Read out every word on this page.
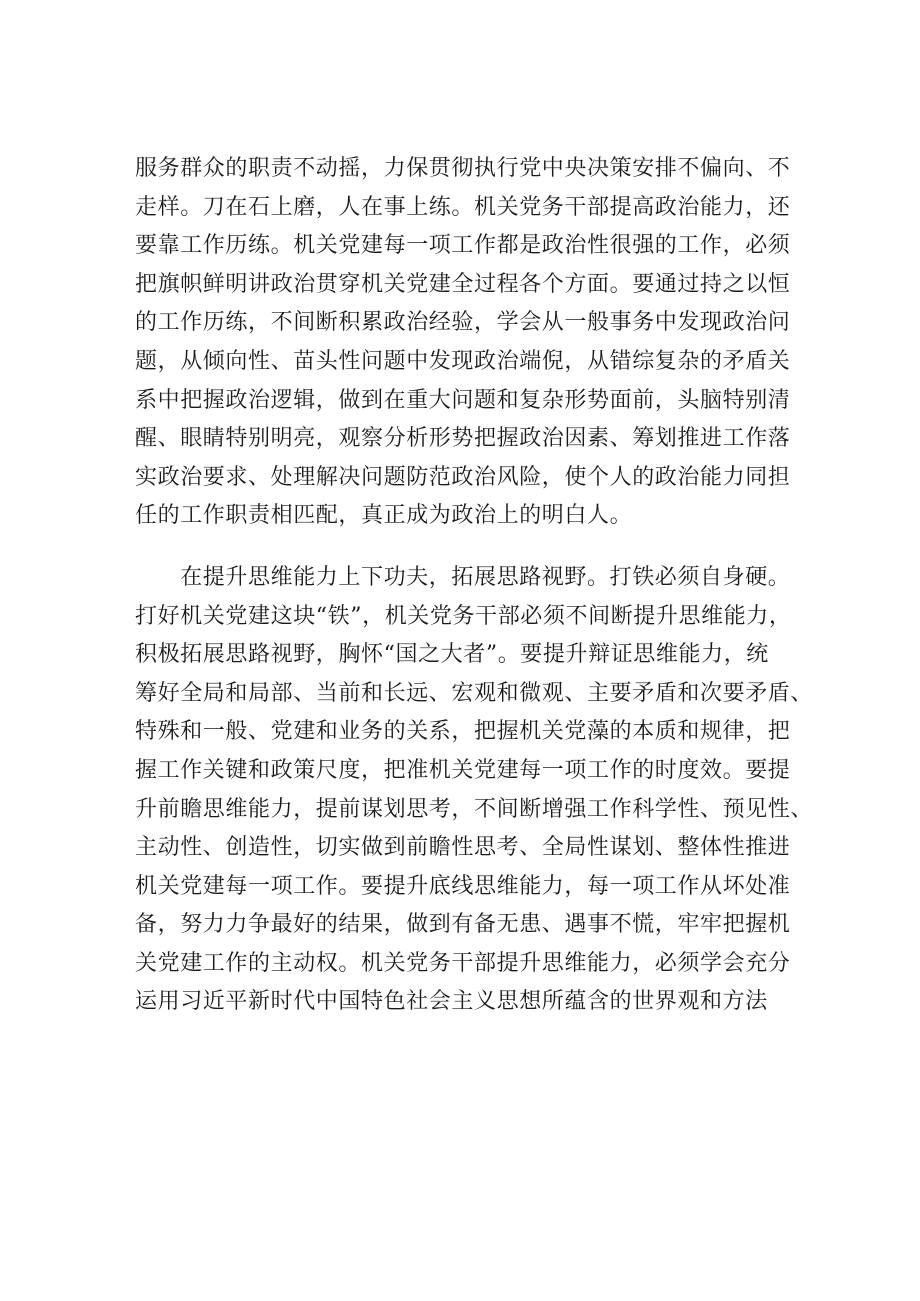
服务群众的职责不动摇，力保贯彻执行党中央决策安排不偏向、不
走样。刀在石上磨，人在事上练。机关党务干部提高政治能力，还
要靠工作历练。机关党建每一项工作都是政治性很强的工作，必须
把旗帜鲜明讲政治贯穿机关党建全过程各个方面。要通过持之以恒
的工作历练，不间断积累政治经验，学会从一般事务中发现政治问
题，从倾向性、苗头性问题中发现政治端倪，从错综复杂的矛盾关
系中把握政治逻辑，做到在重大问题和复杂形势面前，头脑特别清
醒、眼睛特别明亮，观察分析形势把握政治因素、筹划推进工作落
实政治要求、处理解决问题防范政治风险，使个人的政治能力同担
任的工作职责相匹配，真正成为政治上的明白人。

　　在提升思维能力上下功夫，拓展思路视野。打铁必须自身硬。
打好机关党建这块“铁”，机关党务干部必须不间断提升思维能力，
积极拓展思路视野，胸怀“国之大者”。要提升辩证思维能力，统
筹好全局和局部、当前和长远、宏观和微观、主要矛盾和次要矛盾、
特殊和一般、党建和业务的关系，把握机关党藻的本质和规律，把
握工作关键和政策尺度，把准机关党建每一项工作的时度效。要提
升前瞻思维能力，提前谋划思考，不间断增强工作科学性、预见性、
主动性、创造性，切实做到前瞻性思考、全局性谋划、整体性推进
机关党建每一项工作。要提升底线思维能力，每一项工作从坏处准
备，努力力争最好的结果，做到有备无患、遇事不慌，牢牢把握机
关党建工作的主动权。机关党务干部提升思维能力，必须学会充分
运用习近平新时代中国特色社会主义思想所蕴含的世界观和方法
